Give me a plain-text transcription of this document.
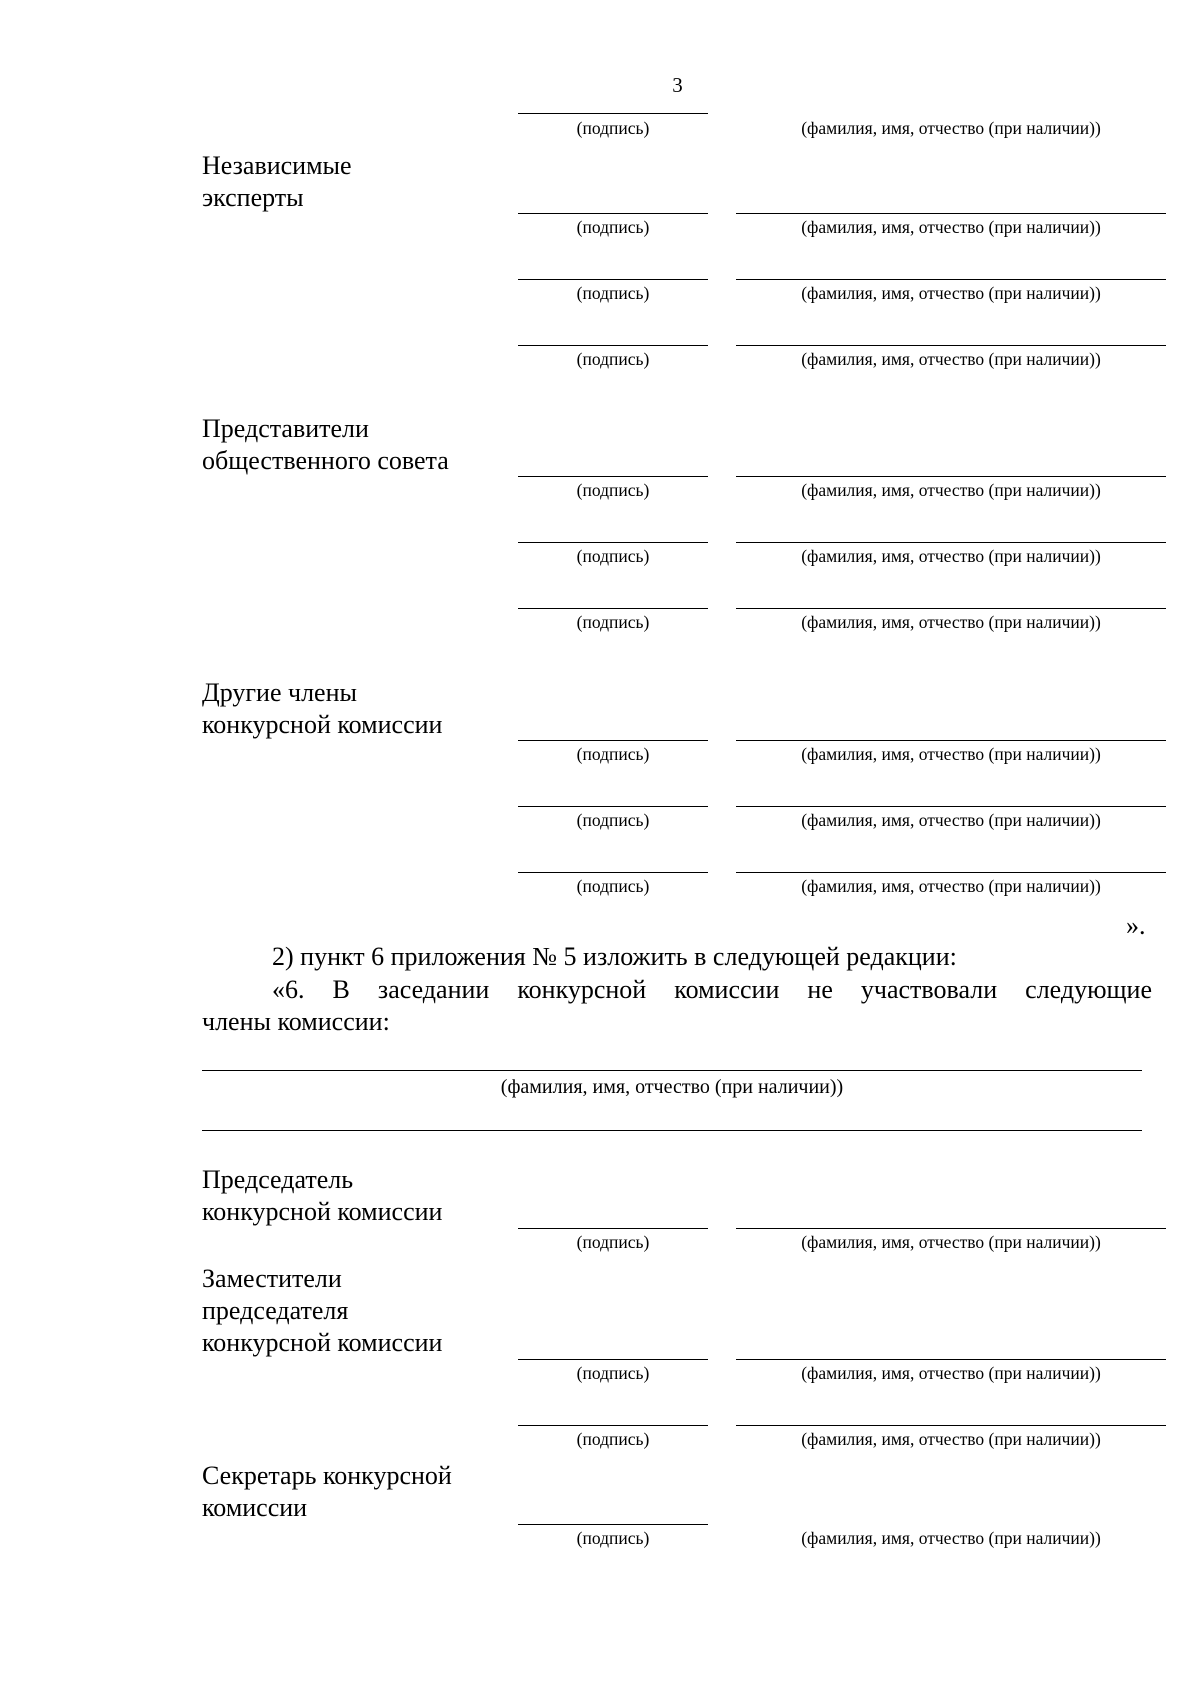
3
(подпись)	(фамилия, имя, отчество (при наличии))
Независимые
эксперты
(подпись)	(фамилия, имя, отчество (при наличии))
(подпись)	(фамилия, имя, отчество (при наличии))
(подпись)	(фамилия, имя, отчество (при наличии))
Представители
общественного совета
(подпись)	(фамилия, имя, отчество (при наличии))
(подпись)	(фамилия, имя, отчество (при наличии))
(подпись)	(фамилия, имя, отчество (при наличии))
Другие члены
конкурсной комиссии
(подпись)	(фамилия, имя, отчество (при наличии))
(подпись)	(фамилия, имя, отчество (при наличии))
(подпись)	(фамилия, имя, отчество (при наличии))
».
2) пункт 6 приложения № 5 изложить в следующей редакции:
«6. В заседании конкурсной комиссии не участвовали следующие
члены комиссии:
(фамилия, имя, отчество (при наличии))
Председатель
конкурсной комиссии
(подпись)	(фамилия, имя, отчество (при наличии))
Заместители
председателя
конкурсной комиссии
(подпись)	(фамилия, имя, отчество (при наличии))
(подпись)	(фамилия, имя, отчество (при наличии))
Секретарь конкурсной
комиссии
(подпись)	(фамилия, имя, отчество (при наличии))
